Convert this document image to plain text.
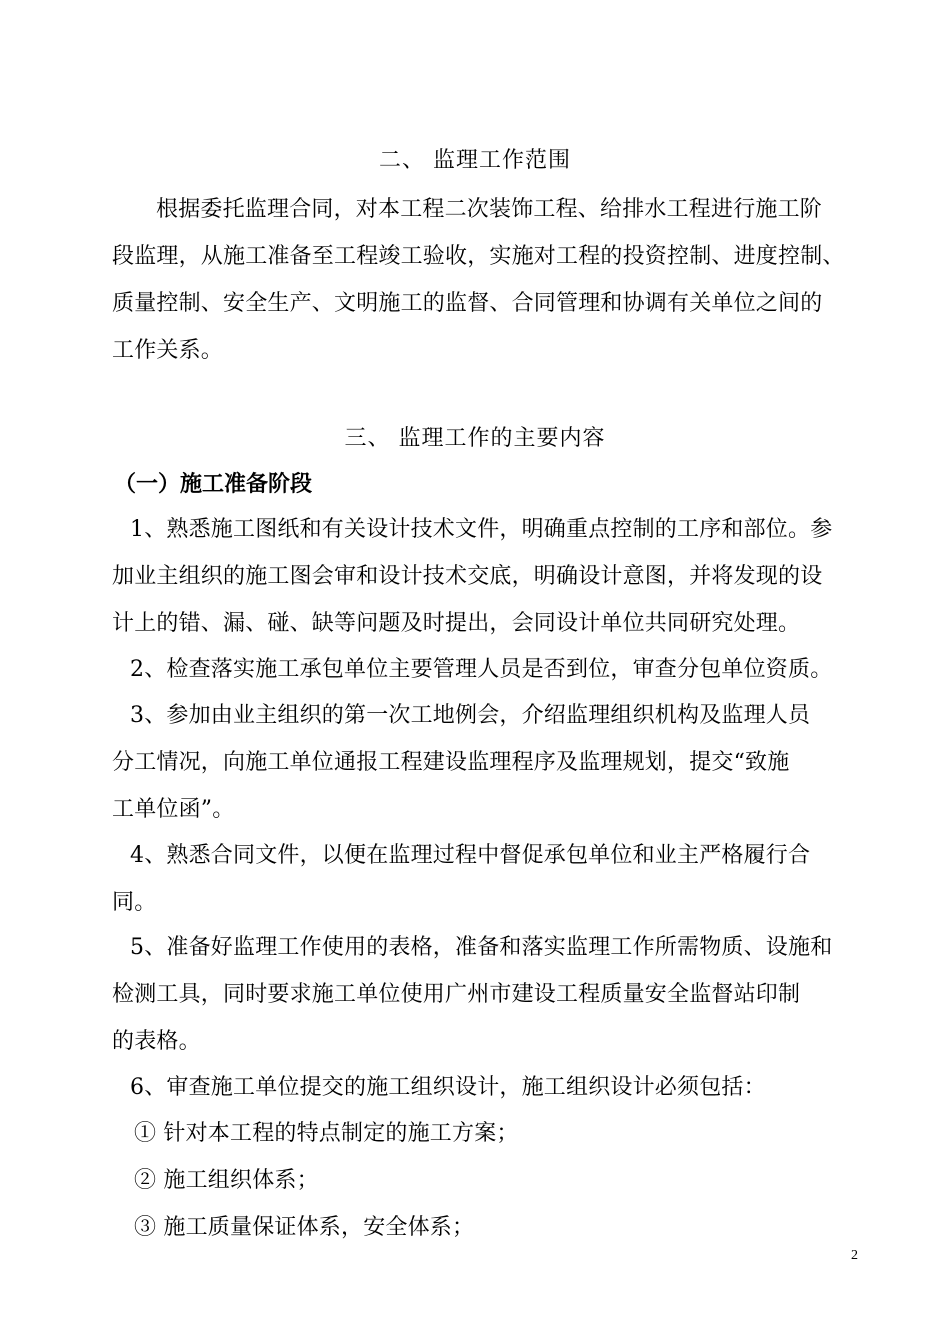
二、 监理工作范围
根据委托监理合同，对本工程二次装饰工程、给排水工程进行施工阶
段监理，从施工准备至工程竣工验收，实施对工程的投资控制、进度控制、
质量控制、安全生产、文明施工的监督、合同管理和协调有关单位之间的
工作关系。
三、 监理工作的主要内容
（一）施工准备阶段
1、熟悉施工图纸和有关设计技术文件，明确重点控制的工序和部位。参
加业主组织的施工图会审和设计技术交底，明确设计意图，并将发现的设
计上的错、漏、碰、缺等问题及时提出，会同设计单位共同研究处理。
2、检查落实施工承包单位主要管理人员是否到位，审查分包单位资质。
3、参加由业主组织的第一次工地例会，介绍监理组织机构及监理人员
分工情况，向施工单位通报工程建设监理程序及监理规划，提交“致施
工单位函”。
4、熟悉合同文件，以便在监理过程中督促承包单位和业主严格履行合
同。
5、准备好监理工作使用的表格，准备和落实监理工作所需物质、设施和
检测工具，同时要求施工单位使用广州市建设工程质量安全监督站印制
的表格。
6、审查施工单位提交的施工组织设计，施工组织设计必须包括：
① 针对本工程的特点制定的施工方案；
② 施工组织体系；
③ 施工质量保证体系，安全体系；
2
